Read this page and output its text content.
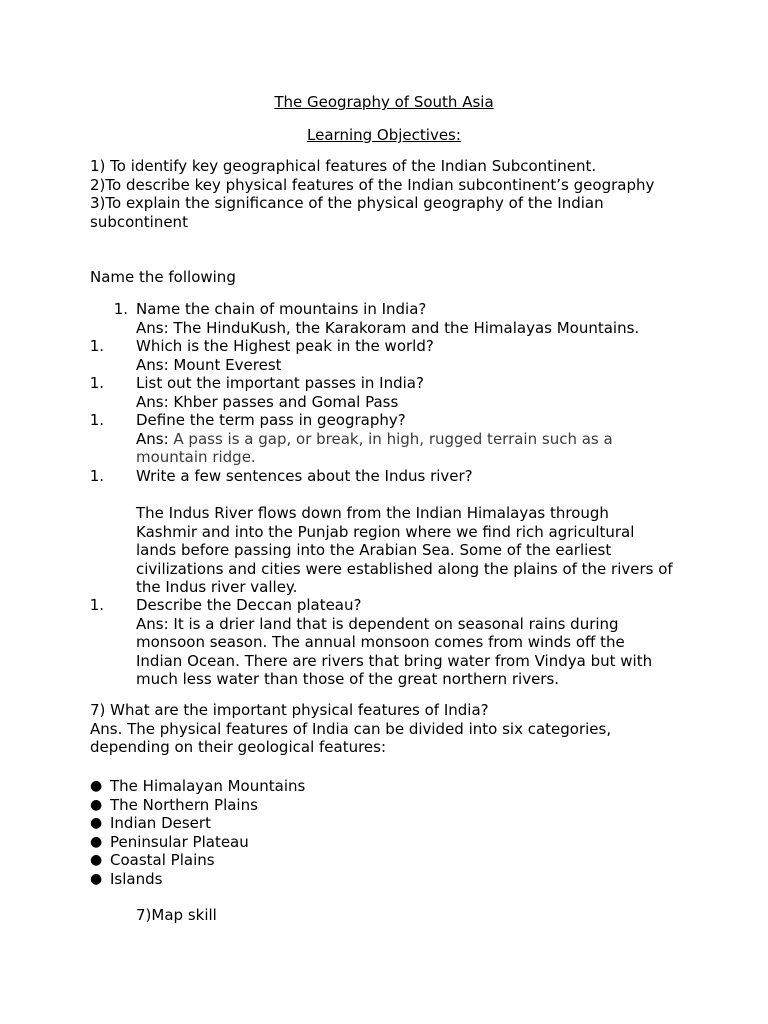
The Geography of South Asia
Learning Objectives:
1) To identify key geographical features of the Indian Subcontinent.
2)To describe key physical features of the Indian subcontinent’s geography
3)To explain the significance of the physical geography of the Indian
subcontinent
Name the following
1. Name the chain of mountains in India?
Ans: The HinduKush, the Karakoram and the Himalayas Mountains.
1. Which is the Highest peak in the world?
Ans: Mount Everest
1. List out the important passes in India?
Ans: Khber passes and Gomal Pass
1. Define the term pass in geography?
Ans: A pass is a gap, or break, in high, rugged terrain such as a
mountain ridge.
1. Write a few sentences about the Indus river?
The Indus River flows down from the Indian Himalayas through
Kashmir and into the Punjab region where we find rich agricultural
lands before passing into the Arabian Sea. Some of the earliest
civilizations and cities were established along the plains of the rivers of
the Indus river valley.
1. Describe the Deccan plateau?
Ans: It is a drier land that is dependent on seasonal rains during
monsoon season. The annual monsoon comes from winds off the
Indian Ocean. There are rivers that bring water from Vindya but with
much less water than those of the great northern rivers.
7) What are the important physical features of India?
Ans. The physical features of India can be divided into six categories,
depending on their geological features:
● The Himalayan Mountains
● The Northern Plains
● Indian Desert
● Peninsular Plateau
● Coastal Plains
● Islands
7)Map skill
